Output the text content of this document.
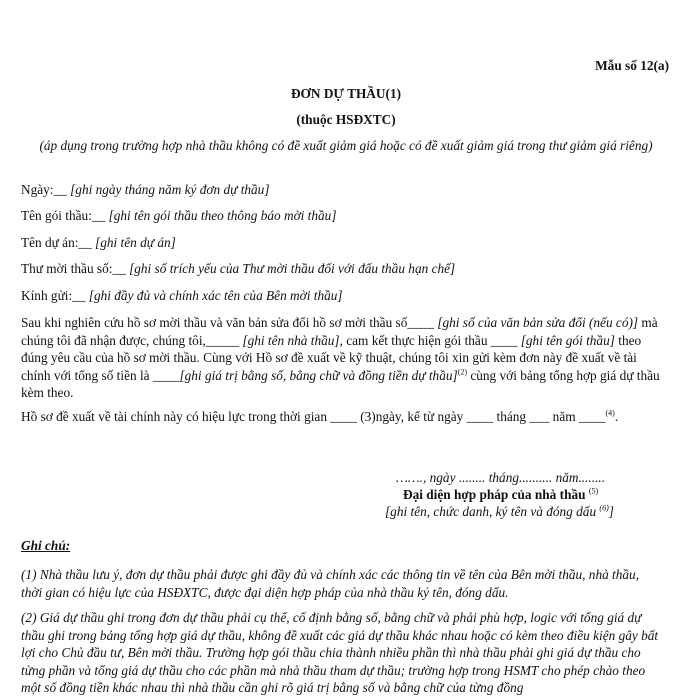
Mẫu số 12(a)
ĐƠN DỰ THẦU(1)
(thuộc HSĐXTC)
(áp dụng trong trường hợp nhà thầu không có đề xuất giảm giá hoặc có đề xuất giảm giá trong thư giảm giá riêng)
Ngày:__ [ghi ngày tháng năm ký đơn dự thầu]
Tên gói thầu:__ [ghi tên gói thầu theo thông báo mời thầu]
Tên dự án:__ [ghi tên dự án]
Thư mời thầu số:__ [ghi số trích yếu của Thư mời thầu đối với đấu thầu hạn chế]
Kính gửi:__ [ghi đầy đủ và chính xác tên của Bên mời thầu]
Sau khi nghiên cứu hồ sơ mời thầu và văn bản sửa đổi hồ sơ mời thầu số____ [ghi số của văn bản sửa đổi (nếu có)] mà chúng tôi đã nhận được, chúng tôi,_____ [ghi tên nhà thầu], cam kết thực hiện gói thầu ____ [ghi tên gói thầu] theo đúng yêu cầu của hồ sơ mời thầu. Cùng với Hồ sơ đề xuất về kỹ thuật, chúng tôi xin gửi kèm đơn này đề xuất về tài chính với tổng số tiền là ____[ghi giá trị bằng số, bằng chữ và đồng tiền dự thầu]$^{(2)}$ cùng với bảng tổng hợp giá dự thầu kèm theo.
Hồ sơ đề xuất về tài chính này có hiệu lực trong thời gian ____ (3)ngày, kể từ ngày ____ tháng ___ năm ____$^{(4)}$.
……., ngày ........ tháng.......... năm........
Đại diện hợp pháp của nhà thầu $^{(5)}$
[ghi tên, chức danh, ký tên và đóng dấu $^{(6)}$]
Ghi chú:
(1) Nhà thầu lưu ý, đơn dự thầu phải được ghi đầy đủ và chính xác các thông tin về tên của Bên mời thầu, nhà thầu, thời gian có hiệu lực của HSĐXTC, được đại diện hợp pháp của nhà thầu ký tên, đóng dấu.
(2) Giá dự thầu ghi trong đơn dự thầu phải cụ thể, cố định bằng số, bằng chữ và phải phù hợp, logic với tổng giá dự thầu ghi trong bảng tổng hợp giá dự thầu, không đề xuất các giá dự thầu khác nhau hoặc có kèm theo điều kiện gây bất lợi cho Chủ đầu tư, Bên mời thầu. Trường hợp gói thầu chia thành nhiều phần thì nhà thầu phải ghi giá dự thầu cho từng phần và tổng giá dự thầu cho các phần mà nhà thầu tham dự thầu; trường hợp trong HSMT cho phép chào theo một số đồng tiền khác nhau thì nhà thầu cần ghi rõ giá trị bằng số và bằng chữ của từng đồng
